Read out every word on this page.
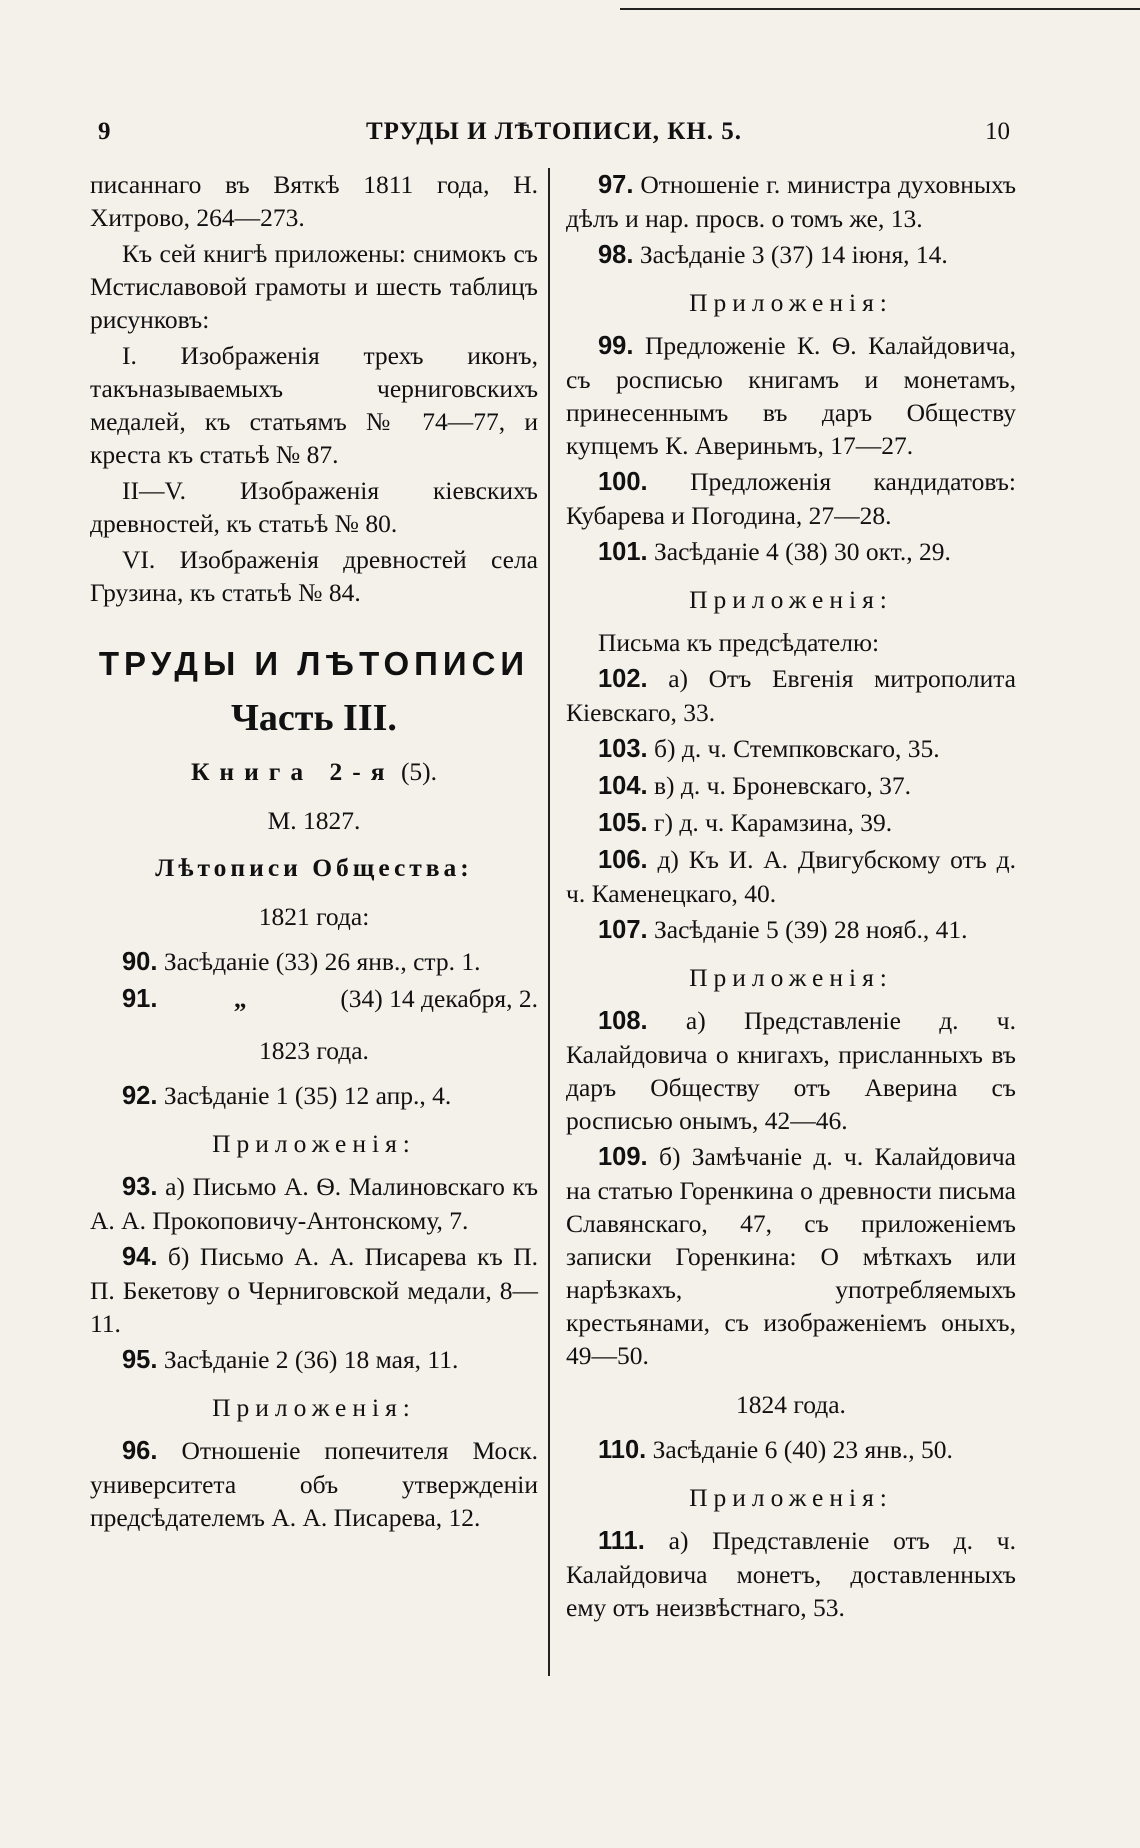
9	ТРУДЫ И ЛѢТОПИСИ, КН. 5.	10

писаннаго въ Вяткѣ 1811 года, Н. Хитрово, 264—273.

Къ сей книгѣ приложены: снимокъ съ Мстиславовой грамоты и шесть таблицъ рисунковъ:

I. Изображенія трехъ иконъ, такъназываемыхъ черниговскихъ медалей, къ статьямъ № 74—77, и креста къ статьѣ № 87.

II—V. Изображенія кіевскихъ древностей, къ статьѣ № 80.

VI. Изображенія древностей села Грузина, къ статьѣ № 84.

ТРУДЫ И ЛѢТОПИСИ
Часть III.
Книга 2-я (5).
М. 1827.
Лѣтописи Общества:
1821 года:

90. Засѣданіе (33) 26 янв., стр. 1.

91.	„	(34) 14 декабря, 2.
1823 года.

92. Засѣданіе 1 (35) 12 апр., 4.

Приложенія:

93. а) Письмо А. Ѳ. Малиновскаго къ А. А. Прокоповичу-Антонскому, 7.

94. б) Письмо А. А. Писарева къ П. П. Бекетову о Черниговской медали, 8—11.

95. Засѣданіе 2 (36) 18 мая, 11.

Приложенія:

96. Отношеніе попечителя Моск. университета объ утвержденіи предсѣдателемъ А. А. Писарева, 12.

97. Отношеніе г. министра духовныхъ дѣлъ и нар. просв. о томъ же, 13.

98. Засѣданіе 3 (37) 14 іюня, 14.

Приложенія:

99. Предложеніе К. Ѳ. Калайдовича, съ росписью книгамъ и монетамъ, принесеннымъ въ даръ Обществу купцемъ К. Авериньмъ, 17—27.

100. Предложенія кандидатовъ: Кубарева и Погодина, 27—28.

101. Засѣданіе 4 (38) 30 окт., 29.

Приложенія:

Письма къ предсѣдателю:

102. а) Отъ Евгенія митрополита Кіевскаго, 33.

103. б) д. ч. Стемпковскаго, 35.

104. в) д. ч. Броневскаго, 37.

105. г) д. ч. Карамзина, 39.

106. д) Къ И. А. Двигубскому отъ д. ч. Каменецкаго, 40.

107. Засѣданіе 5 (39) 28 нояб., 41.

Приложенія:

108. а) Представленіе д. ч. Калайдовича о книгахъ, присланныхъ въ даръ Обществу отъ Аверина съ росписью онымъ, 42—46.

109. б) Замѣчаніе д. ч. Калайдовича на статью Горенкина о древности письма Славянскаго, 47, съ приложеніемъ записки Горенкина: О мѣткахъ или нарѣзкахъ, употребляемыхъ крестьянами, съ изображеніемъ оныхъ, 49—50.

1824 года.

110. Засѣданіе 6 (40) 23 янв., 50.

Приложенія:

111. а) Представленіе отъ д. ч. Калайдовича монетъ, доставленныхъ ему отъ неизвѣстнаго, 53.
